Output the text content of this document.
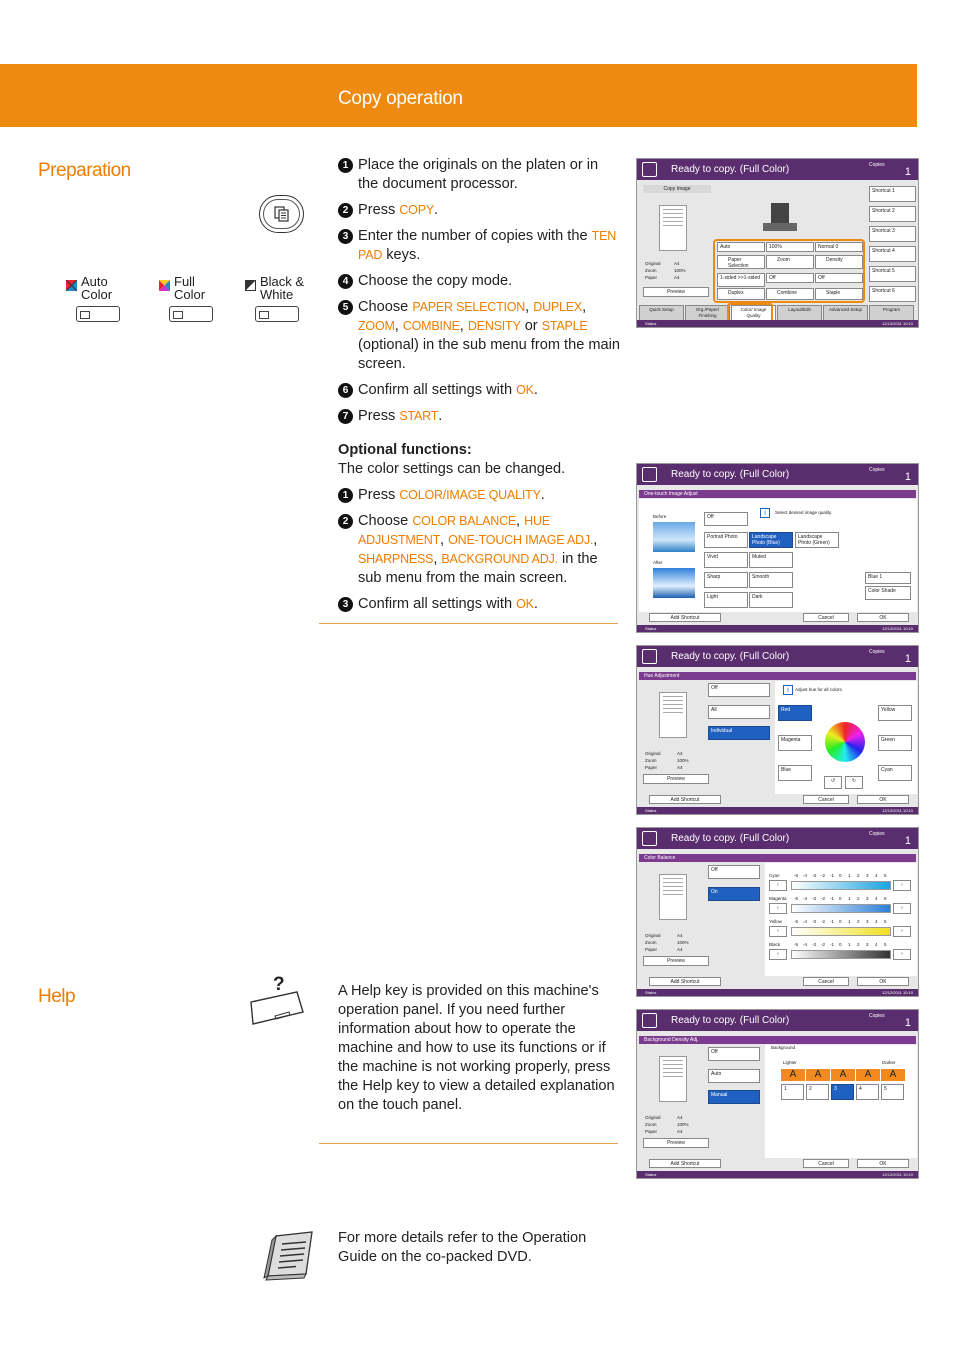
Copy operation
Preparation
Auto
Color
Full
Color
Black &
White
1 Place the originals on the platen or in the document processor.
2 Press COPY.
3 Enter the number of copies with the TEN PAD keys.
4 Choose the copy mode.
5 Choose PAPER SELECTION, DUPLEX, ZOOM, COMBINE, DENSITY or STAPLE (optional) in the sub menu from the main screen.
6 Confirm all settings with OK.
7 Press START.
Optional functions:
The color settings can be changed.
1 Press COLOR/IMAGE QUALITY.
2 Choose COLOR BALANCE, HUE ADJUSTMENT, ONE-TOUCH IMAGE ADJ., SHARPNESS, BACKGROUND ADJ. in the sub menu from the main screen.
3 Confirm all settings with OK.
Help
?	A Help key is provided on this machine's operation panel. If you need further information about how to operate the machine and how to use its functions or if the machine is not working properly, press the Help key to view a detailed explanation on the touch panel.
For more details refer to the Operation Guide on the co-packed DVD.
Ready to copy. (Full Color)	Copies
1
Copy Image
Original
Zoom
Paper
A4
100%
A4
Preview
Auto	100%	Normal 0
Paper Selection
Zoom	Density
1-sided >>1-sided	Off	Off
Duplex	Combine	Staple
Shortcut 1
Shortcut 2
Shortcut 3
Shortcut 4
Shortcut 5
Shortcut 6
Quick Setup	Org./Paper/ Finishing
Color/ Image Quality
Layout/Edit	Advanced Setup	Program
Status	12/12/2011 10:10
Ready to copy. (Full Color)	Copies
1
One-touch Image Adjust
Before
After
Off	i	Select desired image quality.
Portrait Photo	Landscape Photo (Blue)
Landscape Photo (Green)
Vivid	Muted
Sharp	Smooth
Light	Dark
Blue 1
Color Shade
Add Shortcut	Cancel	OK
Status	12/12/2011 10:10
Ready to copy. (Full Color)	Copies
1
Hue Adjustment
Original
Zoom
Paper
A4
100%
A4
Preview
Off
All
Individual
i	Adjust hue for all colors.
Red	Yellow
Magenta	Green
Blue	Cyan
↺	↻
Add Shortcut	Cancel	OK
Status	12/12/2011 10:10
Ready to copy. (Full Color)	Copies
1
Color Balance
Original
Zoom
Paper
A4
100%
A4
Preview
Off
On
Cyan	-5 -4 -3 -2 -1 0 1 2 3 4 5
‹	›
Magenta -5 -4 -3 -2 -1 0 1 2 3 4 5
‹	›
Yellow	-5 -4 -3 -2 -1 0 1 2 3 4 5
‹	›
Black	-5 -4 -3 -2 -1 0 1 2 3 4 5
‹	›
Add Shortcut	Cancel	OK
Status	12/12/2011 10:10
Ready to copy. (Full Color)	Copies
1
Background Density Adj.
Original
Zoom
Paper
A4
100%
A4
Preview
Off
Auto
Manual
Background
Lighter	Darker
A
1
A
2
A
3
A
4
A
5
Add Shortcut	Cancel	OK
Status	12/12/2011 10:10
